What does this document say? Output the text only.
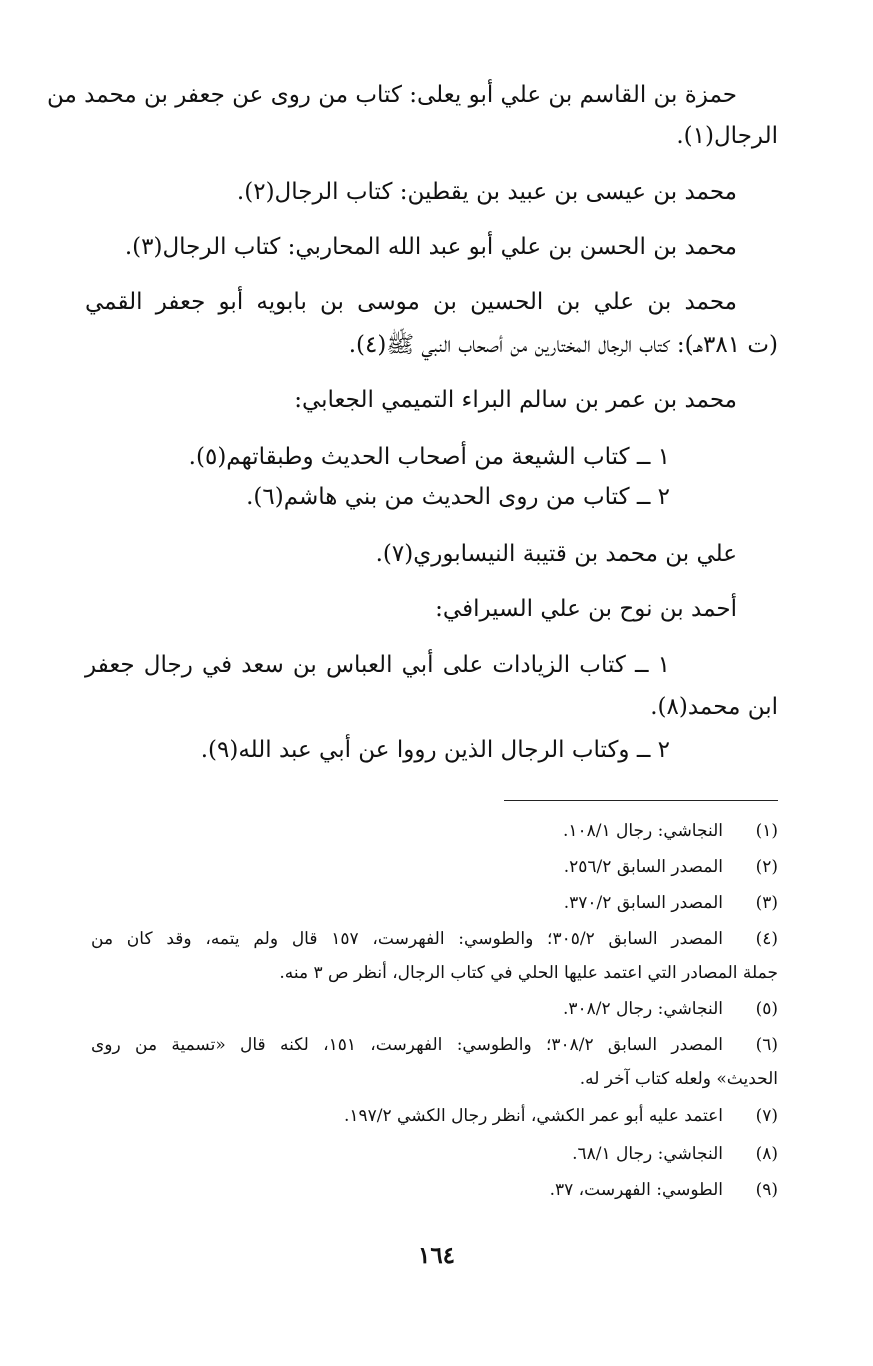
حمزة بن القاسم بن علي أبو يعلى: كتاب من روى عن جعفر بن محمد من
الرجال(١).
محمد بن عيسى بن عبيد بن يقطين: كتاب الرجال(٢).
محمد بن الحسن بن علي أبو عبد الله المحاربي: كتاب الرجال(٣).
محمد بن علي بن الحسين بن موسى بن بابويه أبو جعفر القمي
(ت ٣٨١هـ): كتاب الرجال المختارين من أصحاب النبي ﷺ(٤).
محمد بن عمر بن سالم البراء التميمي الجعابي:
١ ــ كتاب الشيعة من أصحاب الحديث وطبقاتهم(٥).
٢ ــ كتاب من روى الحديث من بني هاشم(٦).
علي بن محمد بن قتيبة النيسابوري(٧).
أحمد بن نوح بن علي السيرافي:
١ ــ كتاب الزيادات على أبي العباس بن سعد في رجال جعفر
ابن محمد(٨).
٢ ــ وكتاب الرجال الذين رووا عن أبي عبد الله(٩).
(١)
النجاشي: رجال ١٠٨/١.
(٢)
المصدر السابق ٢٥٦/٢.
(٣)
المصدر السابق ٣٧٠/٢.
(٤)
المصدر السابق ٣٠٥/٢؛ والطوسي: الفهرست، ١٥٧ قال ولم يتمه، وقد كان من
جملة المصادر التي اعتمد عليها الحلي في كتاب الرجال، أنظر ص ٣ منه.
(٥)
النجاشي: رجال ٣٠٨/٢.
(٦)
المصدر السابق ٣٠٨/٢؛ والطوسي: الفهرست، ١٥١، لكنه قال «تسمية من روى
الحديث» ولعله كتاب آخر له.
(٧)
اعتمد عليه أبو عمر الكشي، أنظر رجال الكشي ١٩٧/٢.
(٨)
النجاشي: رجال ٦٨/١.
(٩)
الطوسي: الفهرست، ٣٧.
١٦٤
